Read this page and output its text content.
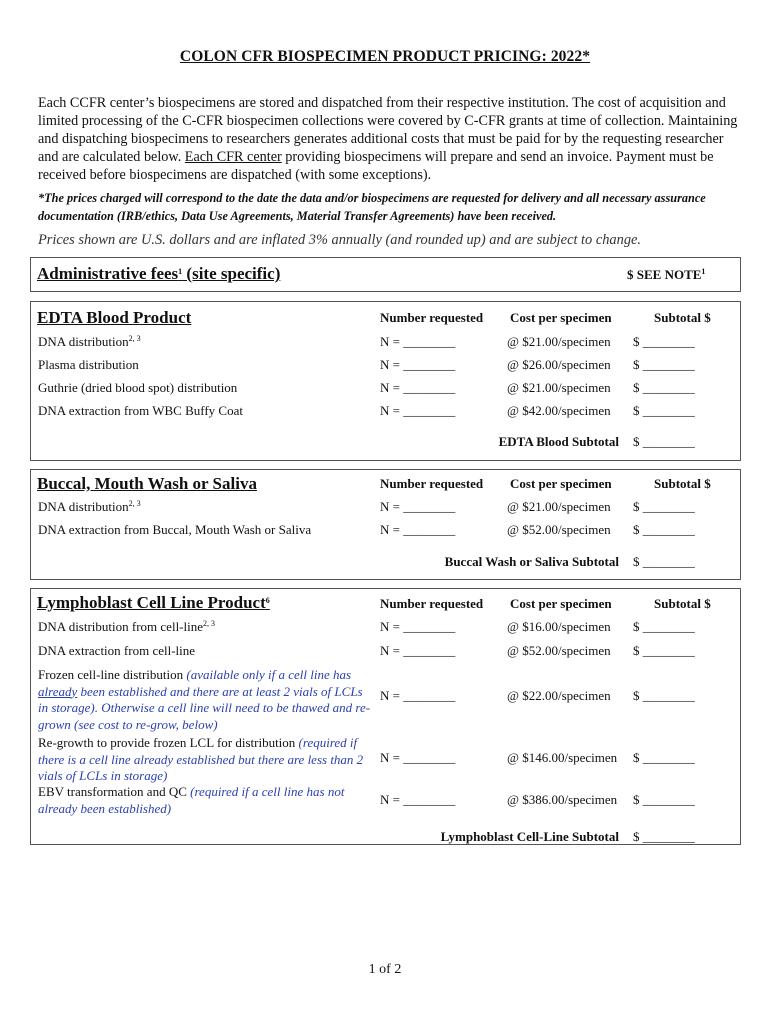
COLON CFR BIOSPECIMEN PRODUCT PRICING: 2022*
Each CCFR center’s biospecimens are stored and dispatched from their respective institution. The cost of acquisition and limited processing of the C-CFR biospecimen collections were covered by C-CFR grants at time of collection. Maintaining and dispatching biospecimens to researchers generates additional costs that must be paid for by the requesting researcher and are calculated below. Each CFR center providing biospecimens will prepare and send an invoice. Payment must be received before biospecimens are dispatched (with some exceptions).
*The prices charged will correspond to the date the data and/or biospecimens are requested for delivery and all necessary assurance documentation (IRB/ethics, Data Use Agreements, Material Transfer Agreements) have been received.
Prices shown are U.S. dollars and are inflated 3% annually (and rounded up) and are subject to change.
Administrative fees$^1$ (site specific)	$ SEE NOTE$^1$
EDTA Blood Product	Number requested Cost per specimen	Subtotal $
DNA distribution$^{2, 3}$	N = ________	@ $21.00/specimen $ ________
Plasma distribution	N = ________	@ $26.00/specimen $ ________
Guthrie (dried blood spot) distribution	N = ________	@ $21.00/specimen $ ________
DNA extraction from WBC Buffy Coat	N = ________	@ $42.00/specimen $ ________
EDTA Blood Subtotal $ ________
Buccal, Mouth Wash or Saliva	Number requested Cost per specimen	Subtotal $
DNA distribution$^{2, 3}$	N = ________	@ $21.00/specimen $ ________
DNA extraction from Buccal, Mouth Wash or Saliva	N = ________	@ $52.00/specimen $ ________
Buccal Wash or Saliva Subtotal $ ________
Lymphoblast Cell Line Product$^6$	Number requested Cost per specimen	Subtotal $
DNA distribution from cell-line$^{2, 3}$	N = ________	@ $16.00/specimen $ ________
DNA extraction from cell-line	N = ________	@ $52.00/specimen $ ________
Frozen cell-line distribution (available only if a cell line has already been established and there are at least 2 vials of LCLs in storage). Otherwise a cell line will need to be thawed and re-grown (see cost to re-grow, below)
N = ________	@ $22.00/specimen $ ________
Re-growth to provide frozen LCL for distribution (required if there is a cell line already established but there are less than 2 vials of LCLs in storage)
N = ________	@ $146.00/specimen $ ________
EBV transformation and QC (required if a cell line has not already been established)
N = ________	@ $386.00/specimen $ ________
Lymphoblast Cell-Line Subtotal $ ________
1 of 2
